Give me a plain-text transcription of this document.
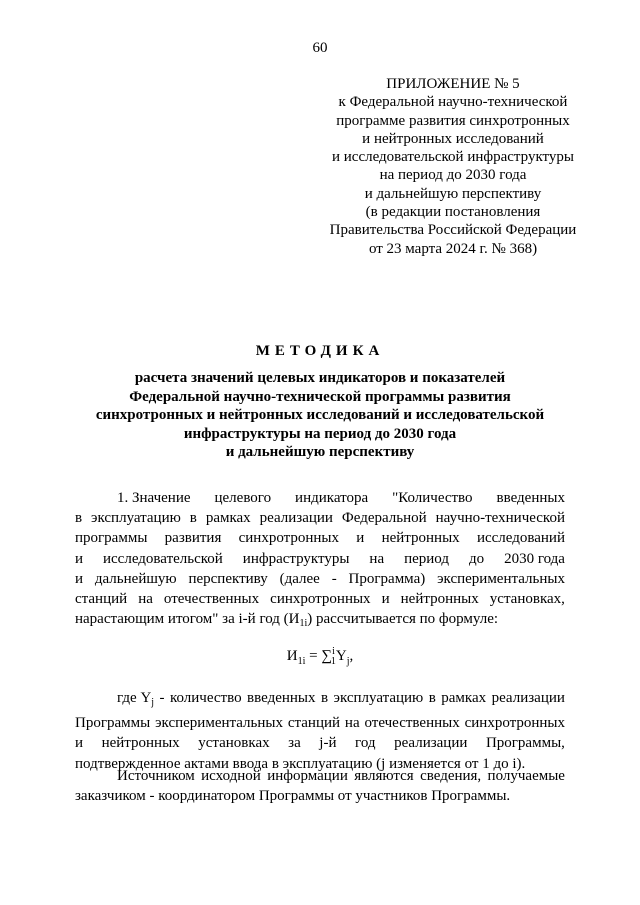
60
ПРИЛОЖЕНИЕ № 5
к Федеральной научно-технической
программе развития синхротронных
и нейтронных исследований
и исследовательской инфраструктуры
на период до 2030 года
и дальнейшую перспективу
(в редакции постановления
Правительства Российской Федерации
от 23 марта 2024 г. № 368)
МЕТОДИКА
расчета значений целевых индикаторов и показателей
Федеральной научно-технической программы развития
синхротронных и нейтронных исследований и исследовательской
инфраструктуры на период до 2030 года
и дальнейшую перспективу
1. Значение целевого индикатора "Количество введенных
в эксплуатацию в рамках реализации Федеральной научно-технической
программы развития синхротронных и нейтронных исследований
и исследовательской инфраструктуры на период до 2030 года
и дальнейшую перспективу (далее - Программа) экспериментальных
станций на отечественных синхротронных и нейтронных установках,
нарастающим итогом" за i-й год $(И_{1i})$ рассчитывается по формуле:
$И_{1i} = \sum^i_1Y_j$,
где $Y_j$ - количество введенных в эксплуатацию в рамках реализации
Программы экспериментальных станций на отечественных синхротронных
и нейтронных установках за j-й год реализации Программы,
подтвержденное актами ввода в эксплуатацию (j изменяется от 1 до i).
Источником исходной информации являются сведения, получаемые
заказчиком - координатором Программы от участников Программы.
